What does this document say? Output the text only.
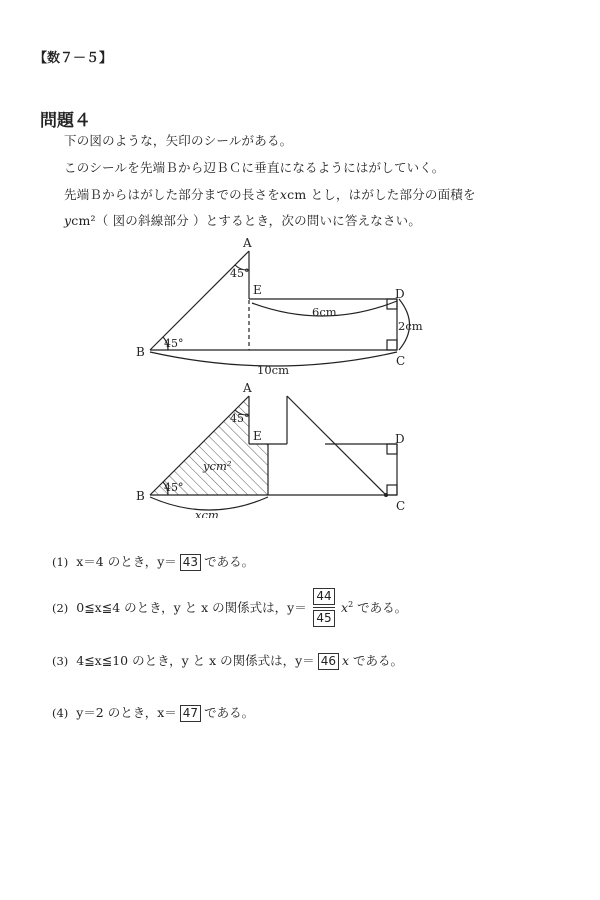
【数７－５】
問題４
下の図のような，矢印のシールがある。
このシールを先端Ｂから辺ＢＣに垂直になるようにはがしていく。
先端Ｂからはがした部分までの長さをxcm とし，はがした部分の面積を
ycm²（ 図の斜線部分 ）とするとき，次の問いに答えなさい。
A
E	D
C
B
45°
45°
6cm
2cm
10cm
A
E	D
C
B
45°
45°
ycm²
xcm
(1) x＝4 のとき，y＝ 43 である。
(2) 0≦x≦4 のとき，y と x の関係式は，$y= \frac{44}{45} x^2$ である。
(3) 4≦x≦10 のとき，y と x の関係式は，y＝ 46 x である。
(4) y＝2 のとき，x＝ 47 である。
